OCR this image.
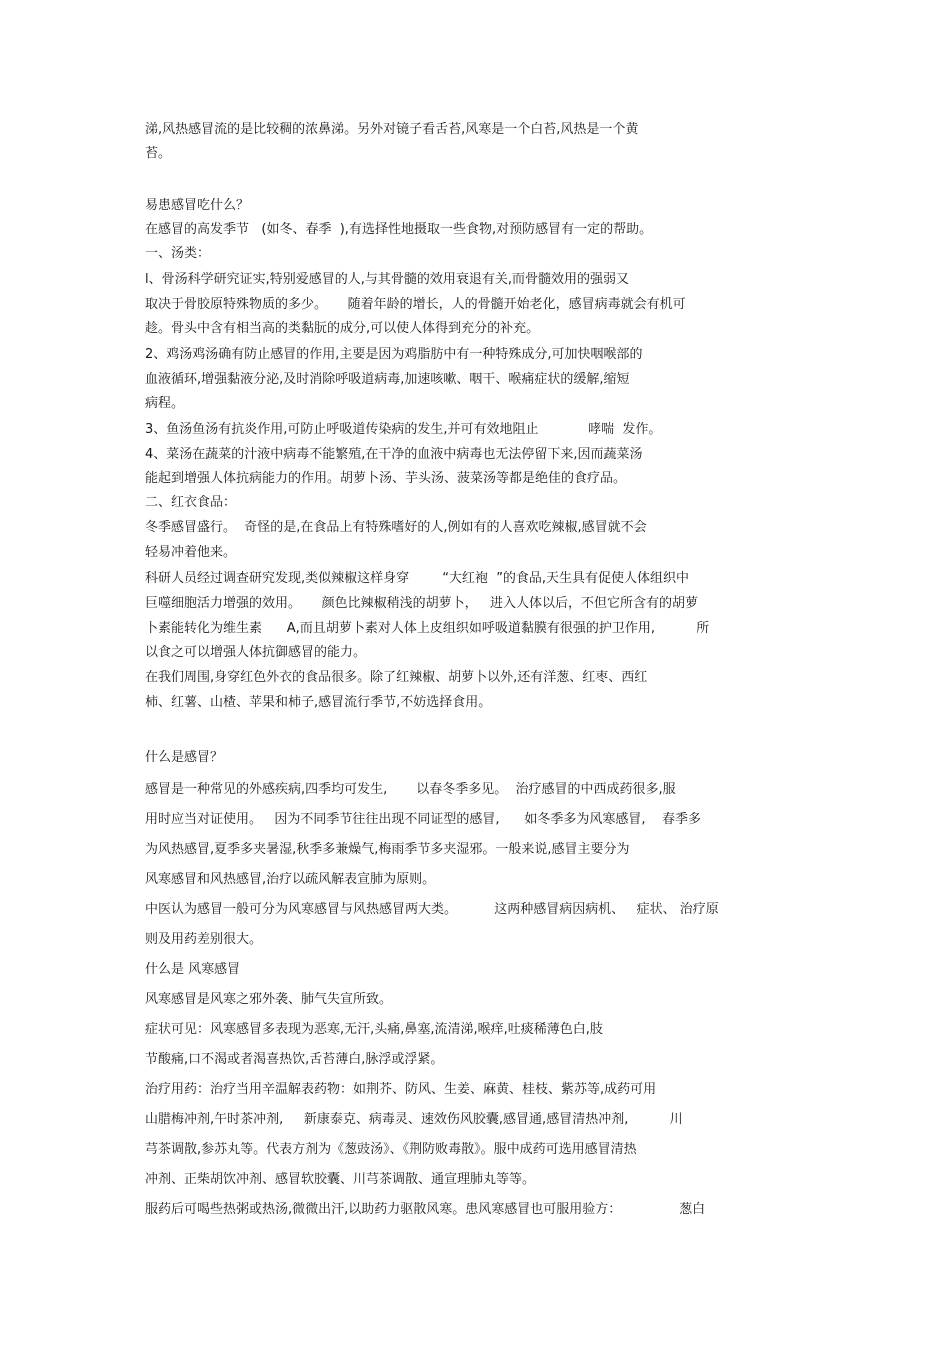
涕,风热感冒流的是比较稠的浓鼻涕。另外对镜子看舌苔,风寒是一个白苔,风热是一个黄
苔。
易患感冒吃什么？
在感冒的高发季节   (如冬、春季  ),有选择性地摄取一些食物,对预防感冒有一定的帮助。
一、汤类：
l、骨汤科学研究证实,特别爱感冒的人,与其骨髓的效用衰退有关,而骨髓效用的强弱又
取决于骨胶原特殊物质的多少。     随着年龄的增长，人的骨髓开始老化，感冒病毒就会有机可
趁。骨头中含有相当高的类黏朊的成分,可以使人体得到充分的补充。
2、鸡汤鸡汤确有防止感冒的作用,主要是因为鸡脂肪中有一种特殊成分,可加快咽喉部的
血液循环,增强黏液分泌,及时消除呼吸道病毒,加速咳嗽、咽干、喉痛症状的缓解,缩短
病程。
3、鱼汤鱼汤有抗炎作用,可防止呼吸道传染病的发生,并可有效地阻止            哮喘  发作。
4、菜汤在蔬菜的汁液中病毒不能繁殖,在干净的血液中病毒也无法停留下来,因而蔬菜汤
能起到增强人体抗病能力的作用。胡萝卜汤、芋头汤、菠菜汤等都是绝佳的食疗品。
二、红衣食品：
冬季感冒盛行。  奇怪的是,在食品上有特殊嗜好的人,例如有的人喜欢吃辣椒,感冒就不会
轻易冲着他来。
科研人员经过调查研究发现,类似辣椒这样身穿        “大红袍  ”的食品,天生具有促使人体组织中
巨噬细胞活力增强的效用。     颜色比辣椒稍浅的胡萝卜，   进入人体以后，不但它所含有的胡萝
卜素能转化为维生素      A,而且胡萝卜素对人体上皮组织如呼吸道黏膜有很强的护卫作用,          所
以食之可以增强人体抗御感冒的能力。
在我们周围,身穿红色外衣的食品很多。除了红辣椒、胡萝卜以外,还有洋葱、红枣、西红
柿、红薯、山楂、苹果和柿子,感冒流行季节,不妨选择食用。
什么是感冒？
感冒是一种常见的外感疾病,四季均可发生,       以春冬季多见。  治疗感冒的中西成药很多,服
用时应当对证使用。   因为不同季节往往出现不同证型的感冒,      如冬季多为风寒感冒,    春季多
为风热感冒,夏季多夹暑湿,秋季多兼燥气,梅雨季节多夹湿邪。一般来说,感冒主要分为
风寒感冒和风热感冒,治疗以疏风解表宣肺为原则。
中医认为感冒一般可分为风寒感冒与风热感冒两大类。         这两种感冒病因病机、   症状、 治疗原
则及用药差别很大。
什么是 风寒感冒
风寒感冒是风寒之邪外袭、肺气失宣所致。
症状可见：风寒感冒多表现为恶寒,无汗,头痛,鼻塞,流清涕,喉痒,吐痰稀薄色白,肢
节酸痛,口不渴或者渴喜热饮,舌苔薄白,脉浮或浮紧。
治疗用药：治疗当用辛温解表药物：如荆芥、防风、生姜、麻黄、桂枝、紫苏等,成药可用
山腊梅冲剂,午时茶冲剂,     新康泰克、病毒灵、速效伤风胶囊,感冒通,感冒清热冲剂,          川
芎茶调散,参苏丸等。代表方剂为《葱豉汤》、《荆防败毒散》。服中成药可选用感冒清热
冲剂、正柴胡饮冲剂、感冒软胶囊、川芎茶调散、通宣理肺丸等等。
服药后可喝些热粥或热汤,微微出汗,以助药力驱散风寒。患风寒感冒也可服用验方：              葱白
